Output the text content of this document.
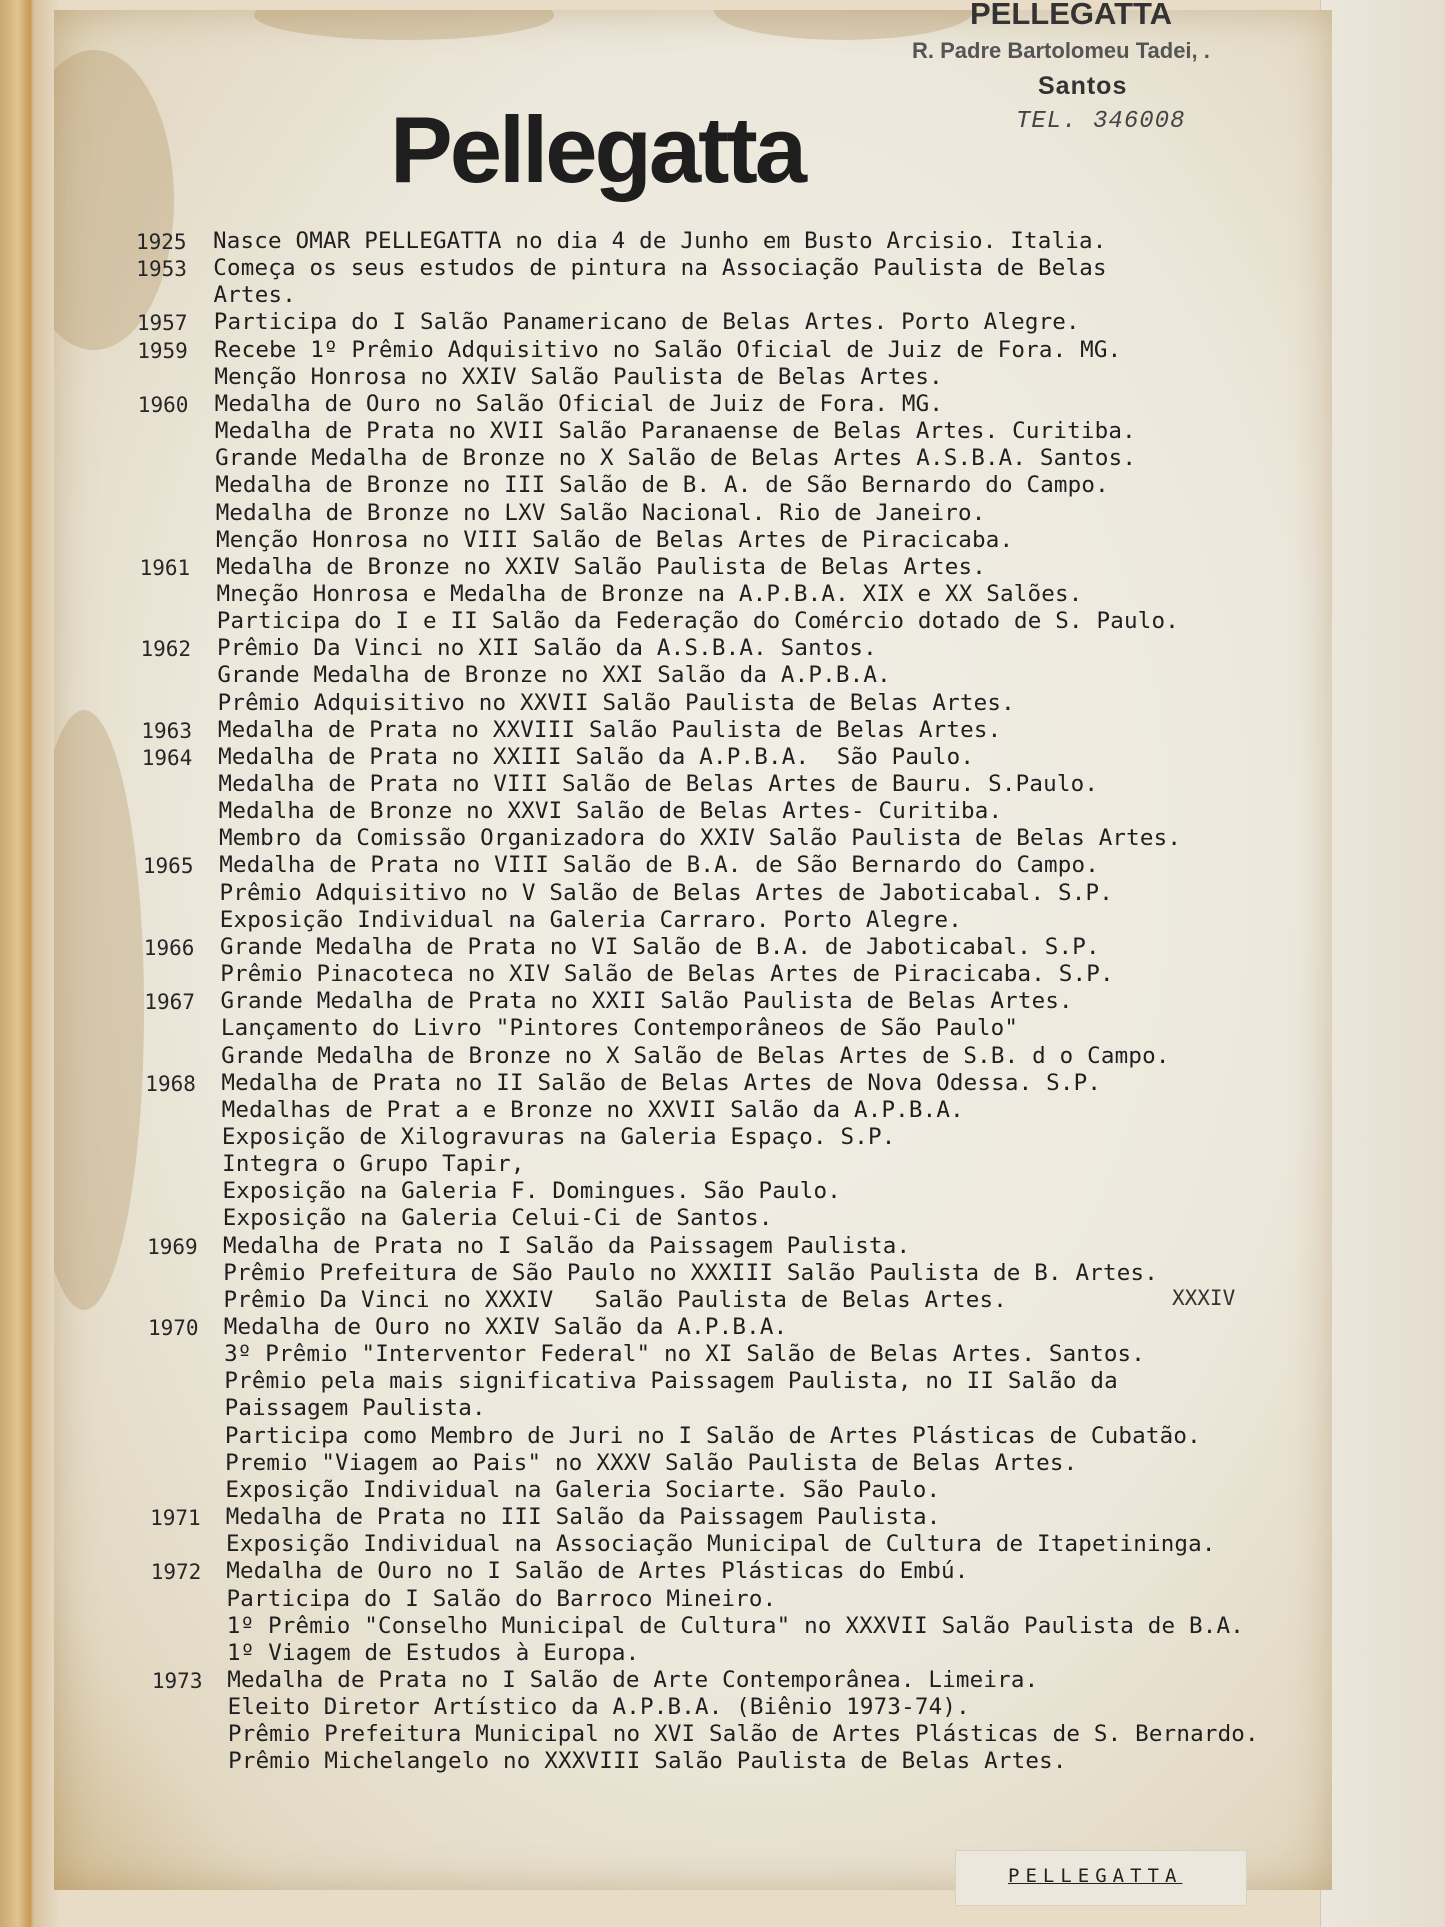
PELLEGATTA
R. Padre Bartolomeu Tadei, .
Santos
TEL. 346008
Pellegatta
1925 Nasce OMAR PELLEGATTA no dia 4 de Junho em Busto Arcisio. Italia.
1953 Começa os seus estudos de pintura na Associação Paulista de Belas
Artes.
1957 Participa do I Salão Panamericano de Belas Artes. Porto Alegre.
1959 Recebe 1º Prêmio Adquisitivo no Salão Oficial de Juiz de Fora. MG.
Menção Honrosa no XXIV Salão Paulista de Belas Artes.
1960 Medalha de Ouro no Salão Oficial de Juiz de Fora. MG.
Medalha de Prata no XVII Salão Paranaense de Belas Artes. Curitiba.
Grande Medalha de Bronze no X Salão de Belas Artes A.S.B.A. Santos.
Medalha de Bronze no III Salão de B. A. de São Bernardo do Campo.
Medalha de Bronze no LXV Salão Nacional. Rio de Janeiro.
Menção Honrosa no VIII Salão de Belas Artes de Piracicaba.
1961 Medalha de Bronze no XXIV Salão Paulista de Belas Artes.
Mneção Honrosa e Medalha de Bronze na A.P.B.A. XIX e XX Salões.
Participa do I e II Salão da Federação do Comércio dotado de S. Paulo.
1962 Prêmio Da Vinci no XII Salão da A.S.B.A. Santos.
Grande Medalha de Bronze no XXI Salão da A.P.B.A.
Prêmio Adquisitivo no XXVII Salão Paulista de Belas Artes.
1963 Medalha de Prata no XXVIII Salão Paulista de Belas Artes.
1964 Medalha de Prata no XXIII Salão da A.P.B.A.  São Paulo.
Medalha de Prata no VIII Salão de Belas Artes de Bauru. S.Paulo.
Medalha de Bronze no XXVI Salão de Belas Artes- Curitiba.
Membro da Comissão Organizadora do XXIV Salão Paulista de Belas Artes.
1965 Medalha de Prata no VIII Salão de B.A. de São Bernardo do Campo.
Prêmio Adquisitivo no V Salão de Belas Artes de Jaboticabal. S.P.
Exposição Individual na Galeria Carraro. Porto Alegre.
1966 Grande Medalha de Prata no VI Salão de B.A. de Jaboticabal. S.P.
Prêmio Pinacoteca no XIV Salão de Belas Artes de Piracicaba. S.P.
1967 Grande Medalha de Prata no XXII Salão Paulista de Belas Artes.
Lançamento do Livro "Pintores Contemporâneos de São Paulo"
Grande Medalha de Bronze no X Salão de Belas Artes de S.B. d o Campo.
1968 Medalha de Prata no II Salão de Belas Artes de Nova Odessa. S.P.
Medalhas de Prat a e Bronze no XXVII Salão da A.P.B.A.
Exposição de Xilogravuras na Galeria Espaço. S.P.
Integra o Grupo Tapir,
Exposição na Galeria F. Domingues. São Paulo.
Exposição na Galeria Celui-Ci de Santos.
1969 Medalha de Prata no I Salão da Paissagem Paulista.
Prêmio Prefeitura de São Paulo no XXXIII Salão Paulista de B. Artes.
Prêmio Da Vinci no XXXIV   Salão Paulista de Belas Artes.
1970 Medalha de Ouro no XXIV Salão da A.P.B.A.
3º Prêmio "Interventor Federal" no XI Salão de Belas Artes. Santos.
Prêmio pela mais significativa Paissagem Paulista, no II Salão da
Paissagem Paulista.
Participa como Membro de Juri no I Salão de Artes Plásticas de Cubatão.
Premio "Viagem ao Pais" no XXXV Salão Paulista de Belas Artes.
Exposição Individual na Galeria Sociarte. São Paulo.
1971 Medalha de Prata no III Salão da Paissagem Paulista.
Exposição Individual na Associação Municipal de Cultura de Itapetininga.
1972 Medalha de Ouro no I Salão de Artes Plásticas do Embú.
Participa do I Salão do Barroco Mineiro.
1º Prêmio "Conselho Municipal de Cultura" no XXXVII Salão Paulista de B.A.
1º Viagem de Estudos à Europa.
1973 Medalha de Prata no I Salão de Arte Contemporânea. Limeira.
Eleito Diretor Artístico da A.P.B.A. (Biênio 1973-74).
Prêmio Prefeitura Municipal no XVI Salão de Artes Plásticas de S. Bernardo.
Prêmio Michelangelo no XXXVIII Salão Paulista de Belas Artes.
XXXIV
PELLEGATTA
